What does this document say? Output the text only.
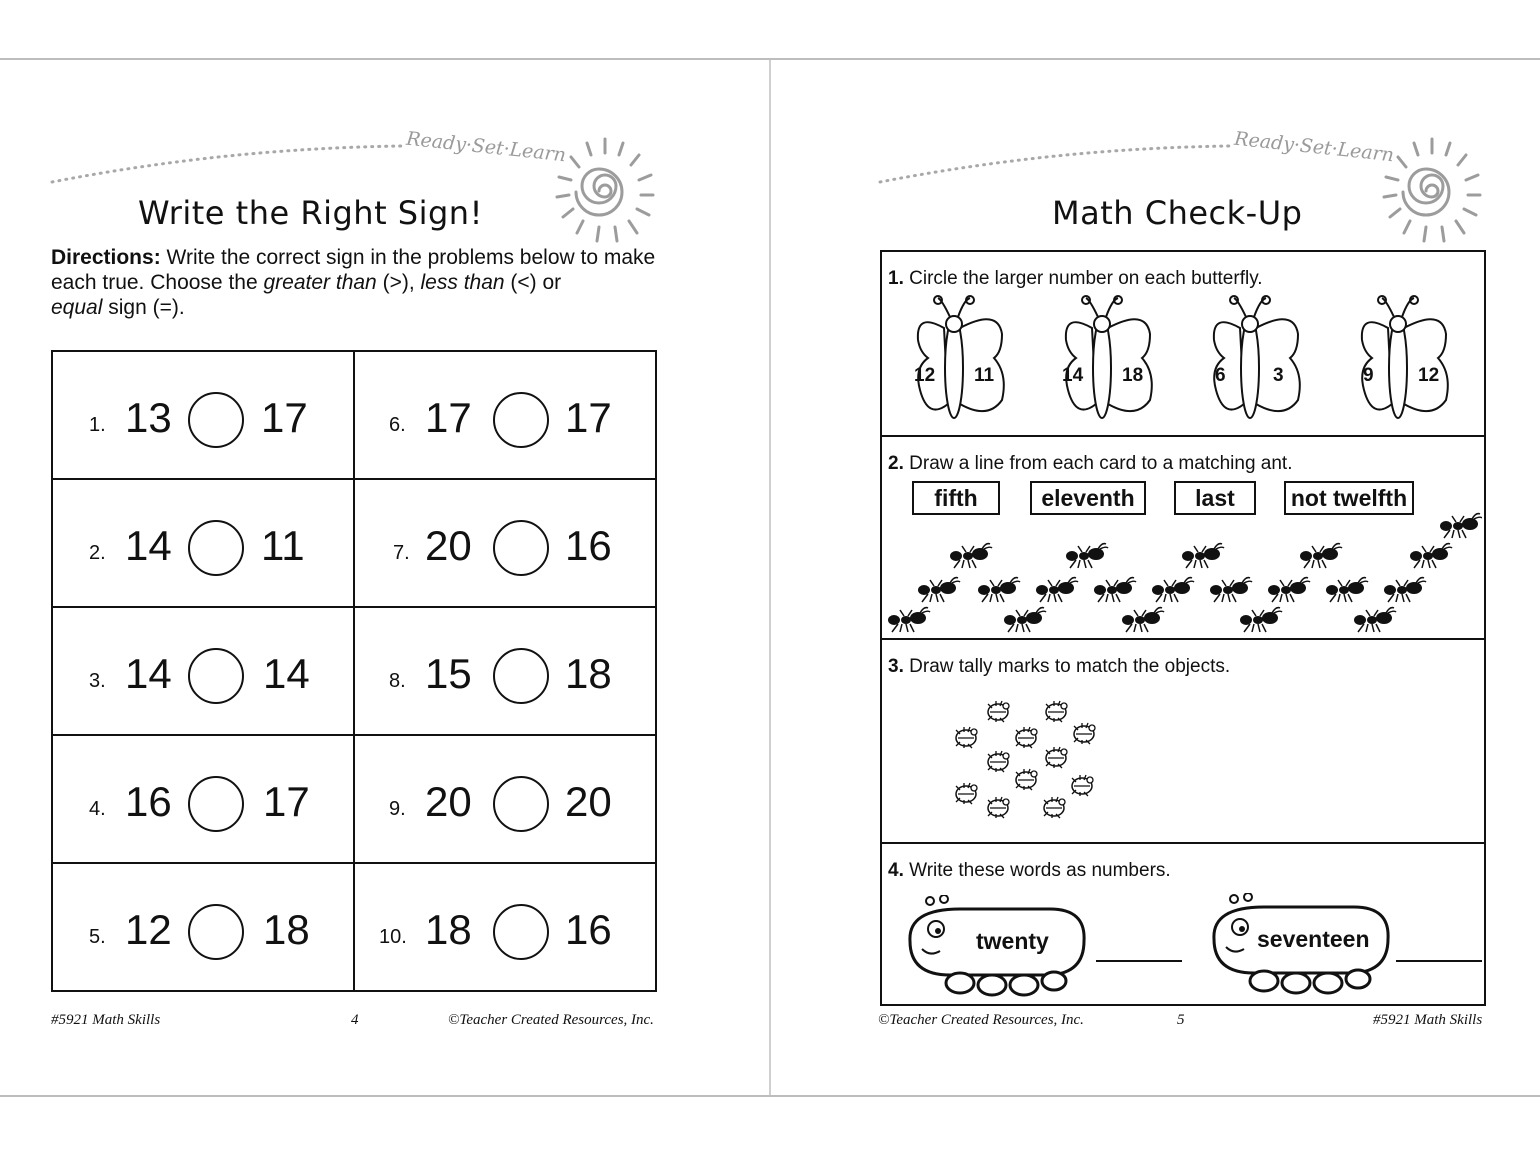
Ready·Set·Learn
Write the Right Sign!
Directions: Write the correct sign in the problems below to make each true. Choose the greater than (>), less than (<) or
equal sign (=).
1. 13 17	6. 17 17

2. 14 11	7. 20 16

3. 14 14	8. 15 18

4. 16 17	9. 20 20

5. 12 18	10. 18 16
#5921 Math Skills	4	©Teacher Created Resources, Inc.
Ready·Set·Learn
Math Check-Up
1. Circle the larger number on each butterfly.
12 11	14 18	6 3	9 12
2. Draw a line from each card to a matching ant.
fifth	eleventh	last	not twelfth
3. Draw tally marks to match the objects.
4. Write these words as numbers.
twenty	seventeen
©Teacher Created Resources, Inc.	5	#5921 Math Skills
